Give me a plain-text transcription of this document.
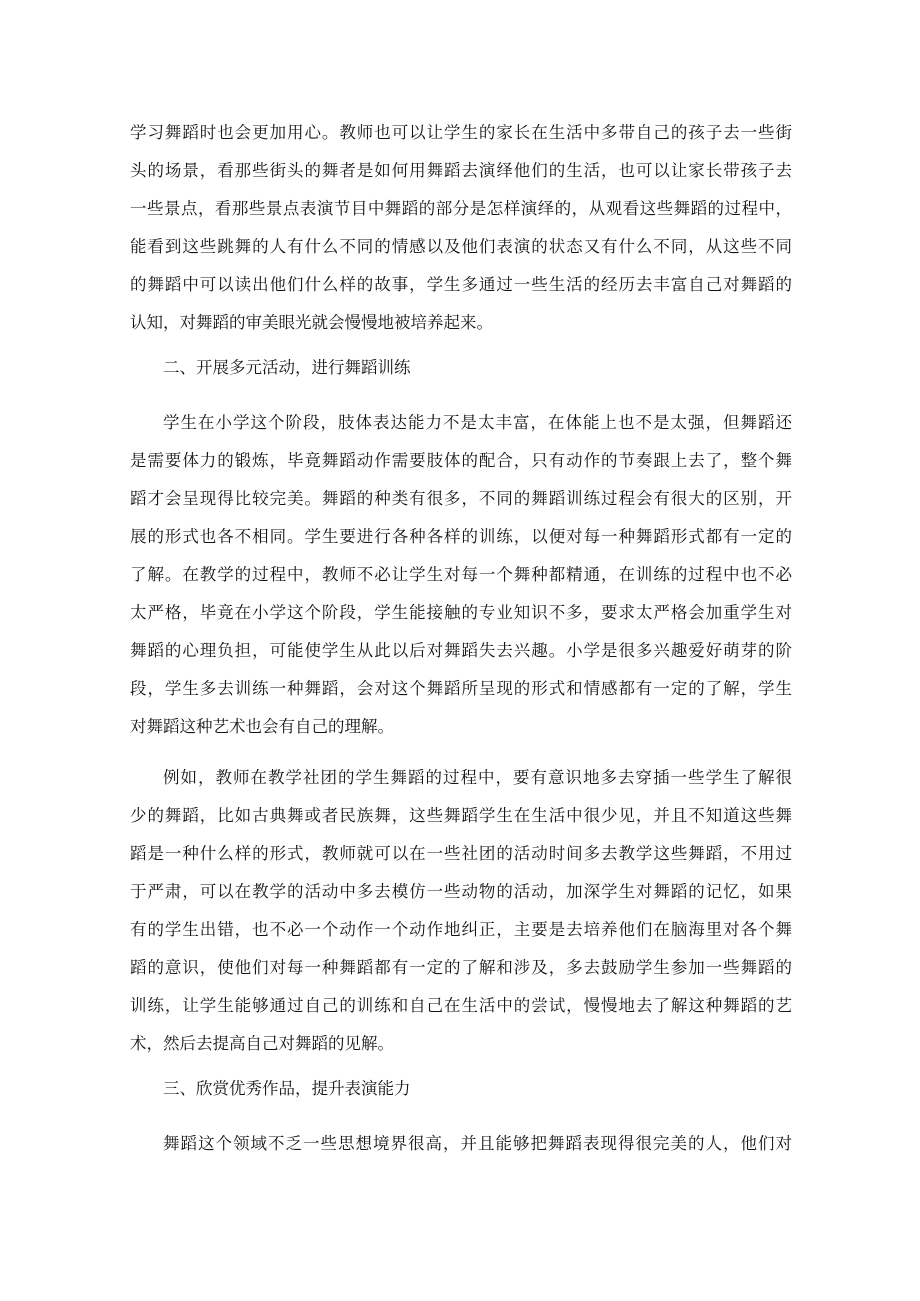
学习舞蹈时也会更加用心。教师也可以让学生的家长在生活中多带自己的孩子去一些街
头的场景，看那些街头的舞者是如何用舞蹈去演绎他们的生活，也可以让家长带孩子去
一些景点，看那些景点表演节目中舞蹈的部分是怎样演绎的，从观看这些舞蹈的过程中，
能看到这些跳舞的人有什么不同的情感以及他们表演的状态又有什么不同，从这些不同
的舞蹈中可以读出他们什么样的故事，学生多通过一些生活的经历去丰富自己对舞蹈的
认知，对舞蹈的审美眼光就会慢慢地被培养起来。
二、开展多元活动，进行舞蹈训练
学生在小学这个阶段，肢体表达能力不是太丰富，在体能上也不是太强，但舞蹈还
是需要体力的锻炼，毕竟舞蹈动作需要肢体的配合，只有动作的节奏跟上去了，整个舞
蹈才会呈现得比较完美。舞蹈的种类有很多，不同的舞蹈训练过程会有很大的区别，开
展的形式也各不相同。学生要进行各种各样的训练，以便对每一种舞蹈形式都有一定的
了解。在教学的过程中，教师不必让学生对每一个舞种都精通，在训练的过程中也不必
太严格，毕竟在小学这个阶段，学生能接触的专业知识不多，要求太严格会加重学生对
舞蹈的心理负担，可能使学生从此以后对舞蹈失去兴趣。小学是很多兴趣爱好萌芽的阶
段，学生多去训练一种舞蹈，会对这个舞蹈所呈现的形式和情感都有一定的了解，学生
对舞蹈这种艺术也会有自己的理解。
例如，教师在教学社团的学生舞蹈的过程中，要有意识地多去穿插一些学生了解很
少的舞蹈，比如古典舞或者民族舞，这些舞蹈学生在生活中很少见，并且不知道这些舞
蹈是一种什么样的形式，教师就可以在一些社团的活动时间多去教学这些舞蹈，不用过
于严肃，可以在教学的活动中多去模仿一些动物的活动，加深学生对舞蹈的记忆，如果
有的学生出错，也不必一个动作一个动作地纠正，主要是去培养他们在脑海里对各个舞
蹈的意识，使他们对每一种舞蹈都有一定的了解和涉及，多去鼓励学生参加一些舞蹈的
训练，让学生能够通过自己的训练和自己在生活中的尝试，慢慢地去了解这种舞蹈的艺
术，然后去提高自己对舞蹈的见解。
三、欣赏优秀作品，提升表演能力
舞蹈这个领域不乏一些思想境界很高，并且能够把舞蹈表现得很完美的人，他们对
